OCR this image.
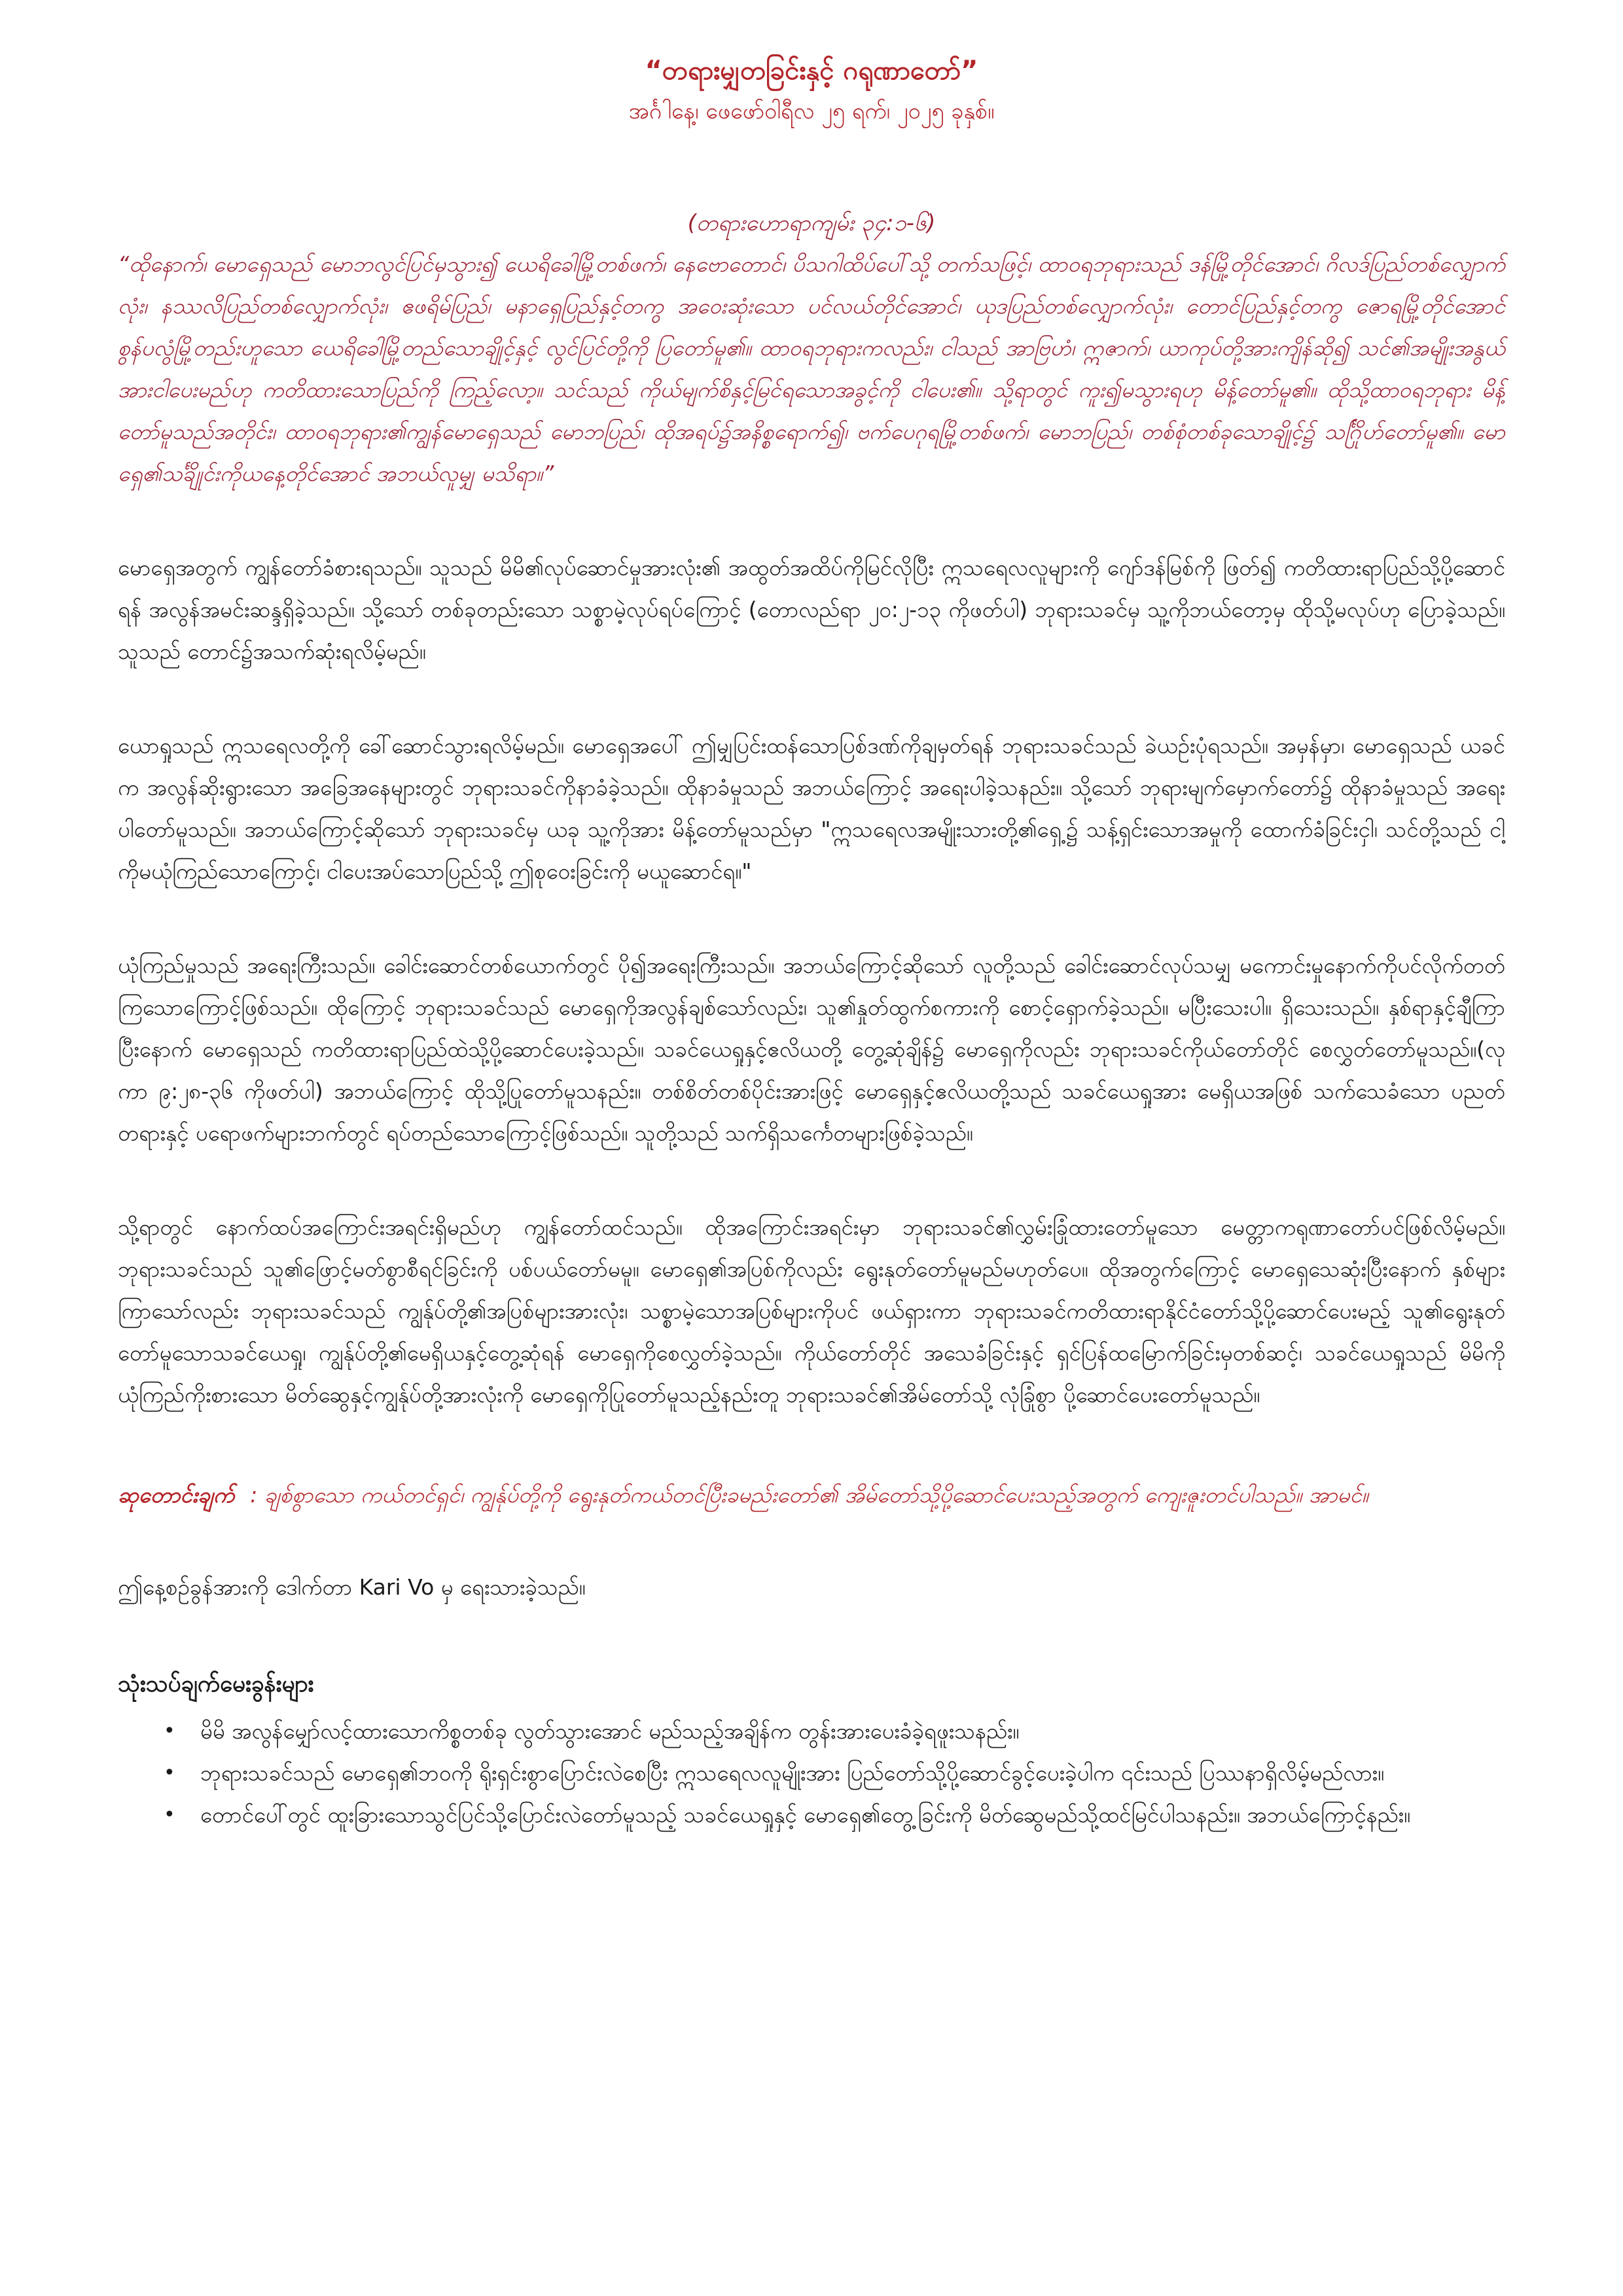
“တရားမျှတခြင်းနှင့် ဂရုဏာတော်”

အင်္ဂါနေ့၊ ဖေဖော်ဝါရီလ ၂၅ ရက်၊ ၂၀၂၅ ခုနှစ်။

(တရားဟောရာကျမ်း ၃၄:၁-၆)

“ထိုနောက်၊ မောရှေသည် မောဘလွင်ပြင်မှသွား၍ ယေရိခေါမြို့တစ်ဖက်၊ နေဗောတောင်၊ ပိသဂါထိပ်ပေါ်သို့ တက်သဖြင့်၊ ထာဝရဘုရားသည် ဒန်မြို့တိုင်အောင်၊ ဂိလဒ်ပြည်တစ်လျှောက်လုံး၊ နဿလိပြည်တစ်လျှောက်လုံး၊ ဧဖရိမ်ပြည်၊ မနာရှေပြည်နှင့်တကွ အဝေးဆုံးသော ပင်လယ်တိုင်အောင်၊ ယုဒပြည်တစ်လျှောက်လုံး၊ တောင်ပြည်နှင့်တကွ ဇောရမြို့တိုင်အောင် စွန်ပလွံမြို့တည်းဟူသော ယေရိခေါမြို့တည်သောချိုင့်နှင့် လွင်ပြင်တို့ကို ပြတော်မူ၏။ ထာဝရဘုရားကလည်း၊ ငါသည် အာဗြဟံ၊ ဣဇာက်၊ ယာကုပ်တို့အားကျိန်ဆို၍ သင်၏အမျိုးအနွယ်အားငါပေးမည်ဟု ကတိထားသောပြည်ကို ကြည့်လော့။ သင်သည် ကိုယ်မျက်စိနှင့်မြင်ရသောအခွင့်ကို ငါပေး၏။ သို့ရာတွင် ကူး၍မသွားရဟု မိန့်တော်မူ၏။ ထိုသို့ထာဝရဘုရား မိန့်တော်မူသည်အတိုင်း၊ ထာဝရဘုရား၏ကျွန်မောရှေသည် မောဘပြည်၊ ထိုအရပ်၌အနိစ္စရောက်၍၊ ဗက်ပေဂုရမြို့တစ်ဖက်၊ မောဘပြည်၊ တစ်စုံတစ်ခုသောချိုင့်၌ သင်္ဂြိုဟ်တော်မူ၏။ မောရှေ၏သင်္ချိုင်းကိုယနေ့တိုင်အောင် အဘယ်လူမျှ မသိရာ။”

မောရှေအတွက် ကျွန်တော်ခံစားရသည်။ သူသည် မိမိ၏လုပ်ဆောင်မှုအားလုံး၏ အထွတ်အထိပ်ကိုမြင်လိုပြီး ဣသရေလလူများကို ဂျော်ဒန်မြစ်ကို ဖြတ်၍ ကတိထားရာပြည်သို့ပို့ဆောင်ရန် အလွန်အမင်းဆန္ဒရှိခဲ့သည်။ သို့သော် တစ်ခုတည်းသော သစ္စာမဲ့လုပ်ရပ်ကြောင့် (တောလည်ရာ ၂၀:၂-၁၃ ကိုဖတ်ပါ) ဘုရားသခင်မှ သူ့ကိုဘယ်တော့မှ ထိုသို့မလုပ်ဟု ပြောခဲ့သည်။ သူသည် တောင်၌အသက်ဆုံးရလိမ့်မည်။

ယောရှုသည် ဣသရေလတို့ကို ခေါ်ဆောင်သွားရလိမ့်မည်။ မောရှေအပေါ် ဤမျှပြင်းထန်သောပြစ်ဒဏ်ကိုချမှတ်ရန် ဘုရားသခင်သည် ခဲယဉ်းပုံရသည်။ အမှန်မှာ၊ မောရှေသည် ယခင်က အလွန်ဆိုးရွားသော အခြေအနေများတွင် ဘုရားသခင်ကိုနာခံခဲ့သည်။ ထိုနာခံမှုသည် အဘယ်ကြောင့် အရေးပါခဲ့သနည်း။ သို့သော် ဘုရားမျက်မှောက်တော်၌ ထိုနာခံမှုသည် အရေးပါတော်မူသည်။ အဘယ်ကြောင့်ဆိုသော် ဘုရားသခင်မှ ယခု သူ့ကိုအား မိန့်တော်မူသည်မှာ "ဣသရေလအမျိုးသားတို့၏ရှေ့၌ သန့်ရှင်းသောအမှုကို ထောက်ခံခြင်းငှါ၊ သင်တို့သည် ငါ့ကိုမယုံကြည်သောကြောင့်၊ ငါပေးအပ်သောပြည်သို့ ဤစုဝေးခြင်းကို မယူဆောင်ရ။"

ယုံကြည်မှုသည် အရေးကြီးသည်။ ခေါင်းဆောင်တစ်ယောက်တွင် ပို၍အရေးကြီးသည်။ အဘယ်ကြောင့်ဆိုသော် လူတို့သည် ခေါင်းဆောင်လုပ်သမျှ မကောင်းမှုနောက်ကိုပင်လိုက်တတ်ကြသောကြောင့်ဖြစ်သည်။ ထိုကြောင့် ဘုရားသခင်သည် မောရှေကိုအလွန်ချစ်သော်လည်း၊ သူ၏နှုတ်ထွက်စကားကို စောင့်ရှောက်ခဲ့သည်။ မပြီးသေးပါ။ ရှိသေးသည်။ နှစ်ရာနှင့်ချီကြာပြီးနောက် မောရှေသည် ကတိထားရာပြည်ထဲသို့ပို့ဆောင်ပေးခဲ့သည်။ သခင်ယေရှုနှင့်ဧလိယတို့ တွေ့ဆုံချိန်၌ မောရှေကိုလည်း ဘုရားသခင်ကိုယ်တော်တိုင် စေလွှတ်တော်မူသည်။(လုကာ ၉:၂၈-၃၆ ကိုဖတ်ပါ) အဘယ်ကြောင့် ထိုသို့ပြုတော်မူသနည်း။ တစ်စိတ်တစ်ပိုင်းအားဖြင့် မောရှေနှင့်ဧလိယတို့သည် သခင်ယေရှုအား မေရှိယအဖြစ် သက်သေခံသော ပညတ်တရားနှင့် ပရောဖက်များဘက်တွင် ရပ်တည်သောကြောင့်ဖြစ်သည်။ သူတို့သည် သက်ရှိသင်္ကေတများဖြစ်ခဲ့သည်။

သို့ရာတွင် နောက်ထပ်အကြောင်းအရင်းရှိမည်ဟု ကျွန်တော်ထင်သည်။ ထိုအကြောင်းအရင်းမှာ ဘုရားသခင်၏လွှမ်းခြုံထားတော်မူသော မေတ္တာကရုဏာတော်ပင်ဖြစ်လိမ့်မည်။ ဘုရားသခင်သည် သူ၏ဖြောင့်မတ်စွာစီရင်ခြင်းကို ပစ်ပယ်တော်မမူ။ မောရှေ၏အပြစ်ကိုလည်း ရွေးနုတ်တော်မူမည်မဟုတ်ပေ။ ထိုအတွက်ကြောင့် မောရှေသေဆုံးပြီးနောက် နှစ်များကြာသော်လည်း ဘုရားသခင်သည် ကျွန်ုပ်တို့၏အပြစ်များအားလုံး၊ သစ္စာမဲ့သောအပြစ်များကိုပင် ဖယ်ရှားကာ ဘုရားသခင်ကတိထားရာနိုင်ငံတော်သို့ပို့ဆောင်ပေးမည့် သူ၏ရွေးနုတ်တော်မူသောသခင်ယေရှု၊ ကျွန်ုပ်တို့၏မေရှိယနှင့်တွေ့ဆုံရန် မောရှေကိုစေလွှတ်ခဲ့သည်။ ကိုယ်တော်တိုင် အသေခံခြင်းနှင့် ရှင်ပြန်ထမြောက်ခြင်းမှတစ်ဆင့်၊ သခင်ယေရှုသည် မိမိကိုယုံကြည်ကိုးစားသော မိတ်ဆွေနှင့်ကျွန်ုပ်တို့အားလုံးကို မောရှေကိုပြုတော်မူသည့်နည်းတူ ဘုရားသခင်၏အိမ်တော်သို့ လုံခြုံစွာ ပို့ဆောင်ပေးတော်မူသည်။

ဆုတောင်းချက် : ချစ်စွာသော ကယ်တင်ရှင်၊ ကျွန်ုပ်တို့ကို ရွေးနုတ်ကယ်တင်ပြီးခမည်းတော်၏ အိမ်တော်သို့ပို့ဆောင်ပေးသည့်အတွက် ကျေးဇူးတင်ပါသည်။ အာမင်။

ဤနေ့စဉ်ခွန်အားကို ဒေါက်တာ Kari Vo မှ ရေးသားခဲ့သည်။

သုံးသပ်ချက်မေးခွန်းများ
• မိမိ အလွန်မျှော်လင့်ထားသောကိစ္စတစ်ခု လွတ်သွားအောင် မည်သည့်အချိန်က တွန်းအားပေးခံခဲ့ရဖူးသနည်း။
• ဘုရားသခင်သည် မောရှေ၏ဘဝကို ရိုးရှင်းစွာပြောင်းလဲစေပြီး ဣသရေလလူမျိုးအား ပြည်တော်သို့ပို့ဆောင်ခွင့်ပေးခဲ့ပါက ၎င်းသည် ပြဿနာရှိလိမ့်မည်လား။
• တောင်ပေါ်တွင် ထူးခြားသောသွင်ပြင်သို့ပြောင်းလဲတော်မူသည့် သခင်ယေရှုနှင့် မောရှေ၏တွေ့ခြင်းကို မိတ်ဆွေမည်သို့ထင်မြင်ပါသနည်း။ အဘယ်ကြောင့်နည်း။
